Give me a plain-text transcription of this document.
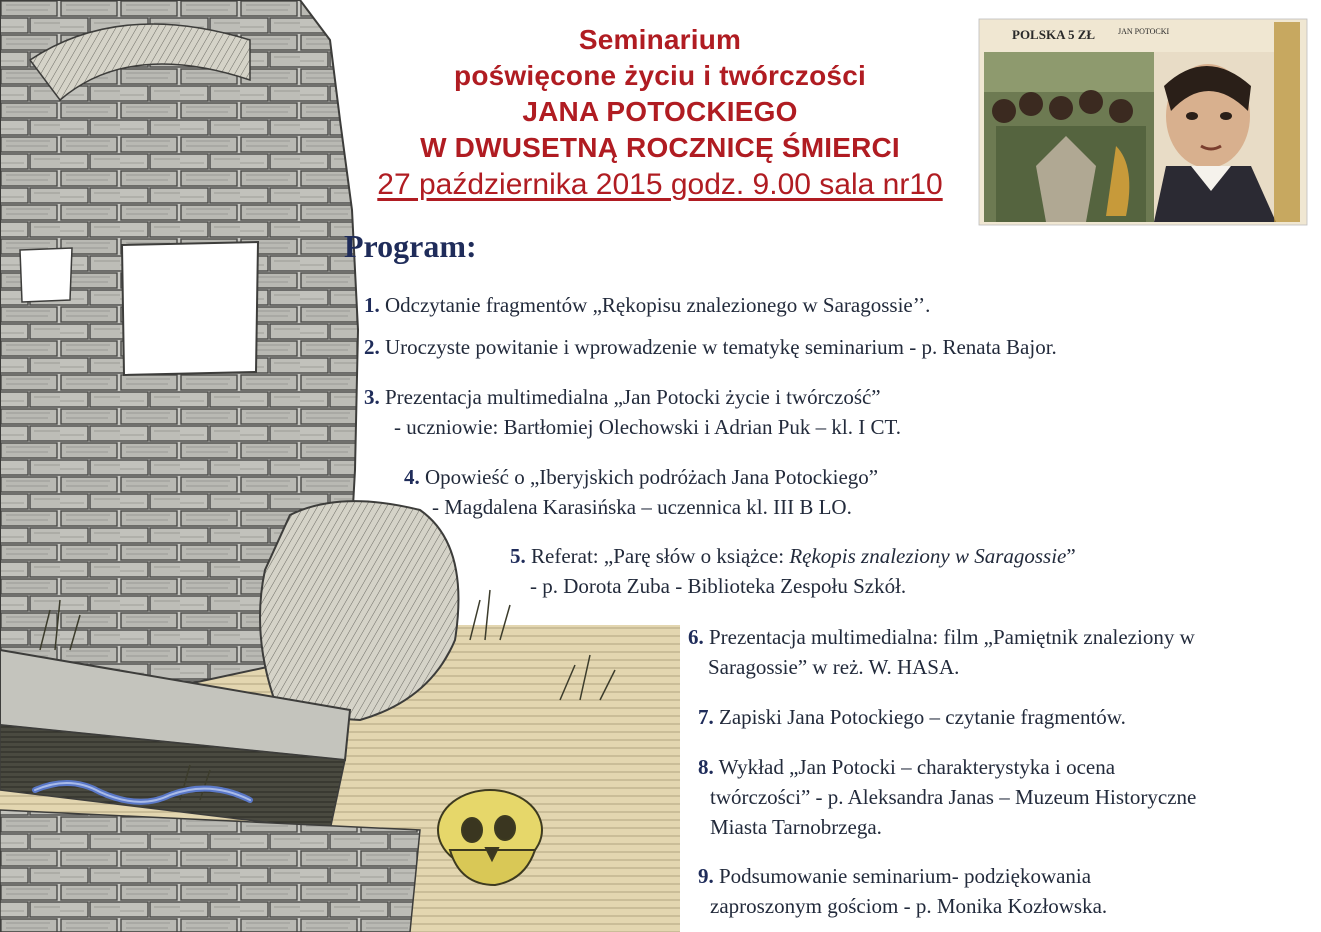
Seminarium
poświęcone życiu i twórczości
JANA POTOCKIEGO
W DWUSETNĄ ROCZNICĘ ŚMIERCI
27 października 2015 godz. 9.00 sala nr10
POLSKA 5 ZŁ	JAN POTOCKI
Program:
1. Odczytanie fragmentów „Rękopisu znalezionego w Saragossie’’.
2. Uroczyste powitanie i wprowadzenie w tematykę seminarium - p. Renata Bajor.
3. Prezentacja multimedialna „Jan Potocki życie i twórczość”
- uczniowie: Bartłomiej Olechowski i Adrian Puk – kl. I CT.
4. Opowieść o „Iberyjskich podróżach Jana Potockiego”
- Magdalena Karasińska – uczennica kl. III B LO.
5. Referat: „Parę słów o książce: Rękopis znaleziony w Saragossie”
- p. Dorota Zuba - Biblioteka Zespołu Szkół.
6. Prezentacja multimedialna: film „Pamiętnik znaleziony w
Saragossie” w reż. W. HASA.
7. Zapiski Jana Potockiego – czytanie fragmentów.
8. Wykład „Jan Potocki – charakterystyka i ocena
twórczości” - p. Aleksandra Janas – Muzeum Historyczne
Miasta Tarnobrzega.
9. Podsumowanie seminarium- podziękowania
zaproszonym gościom - p. Monika Kozłowska.
